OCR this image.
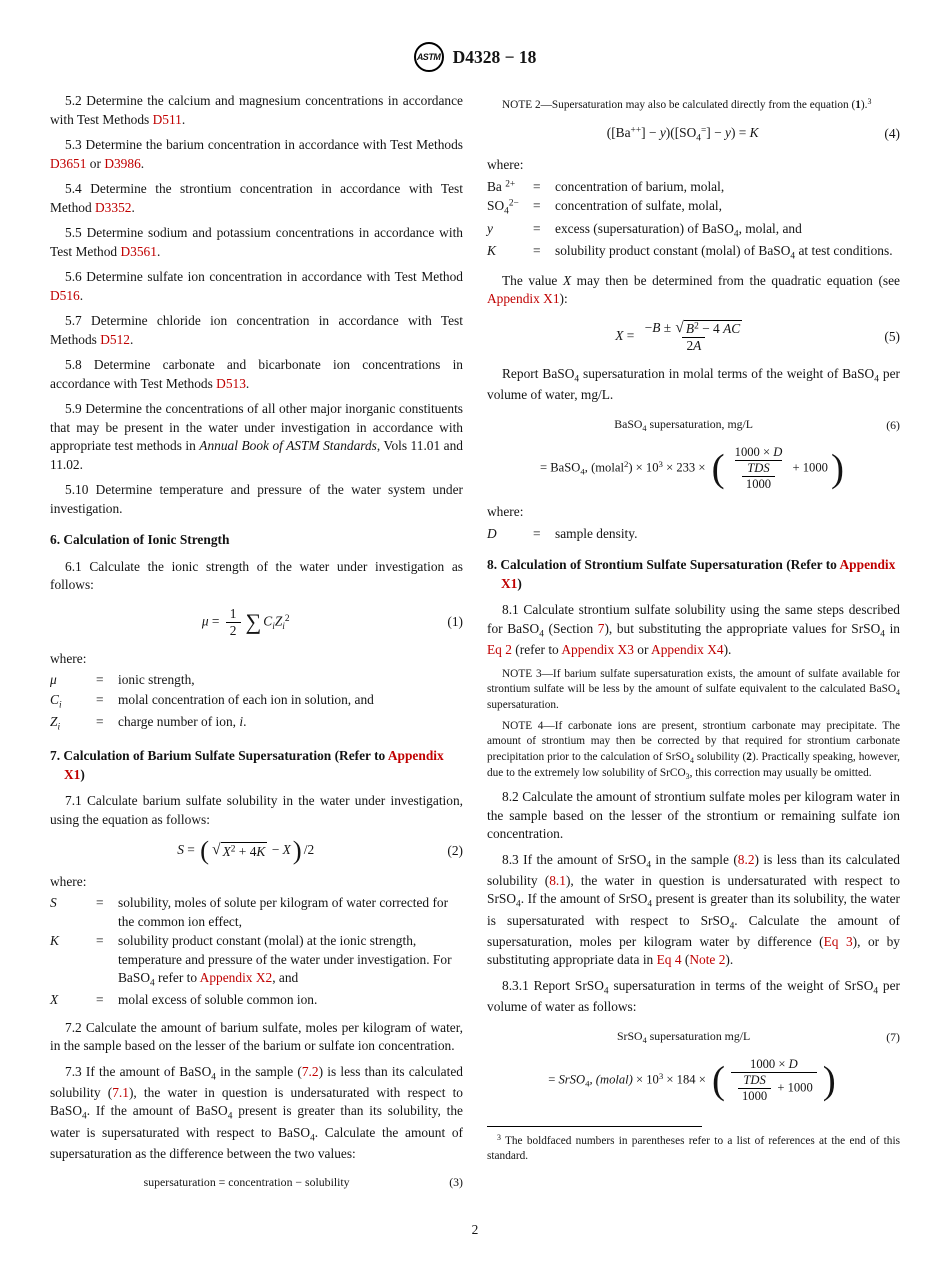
ASTM D4328 − 18

5.2 Determine the calcium and magnesium concentrations in accordance with Test Methods D511.

5.3 Determine the barium concentration in accordance with Test Methods D3651 or D3986.

5.4 Determine the strontium concentration in accordance with Test Method D3352.

5.5 Determine sodium and potassium concentrations in accordance with Test Method D3561.

5.6 Determine sulfate ion concentration in accordance with Test Method D516.

5.7 Determine chloride ion concentration in accordance with Test Methods D512.

5.8 Determine carbonate and bicarbonate ion concentrations in accordance with Test Methods D513.

5.9 Determine the concentrations of all other major inorganic constituents that may be present in the water under investigation in accordance with appropriate test methods in Annual Book of ASTM Standards, Vols 11.01 and 11.02.

5.10 Determine temperature and pressure of the water system under investigation.

6. Calculation of Ionic Strength

6.1 Calculate the ionic strength of the water under investigation as follows:

$\mu = \frac{1}{2}$ ∑ $C_iZ_i^2$	(1)

where:

μ	=	ionic strength,
$C_i$	=	molal concentration of each ion in solution, and
$Z_i$	=	charge number of ion, i.
7. Calculation of Barium Sulfate Supersaturation (Refer to Appendix X1)

7.1 Calculate barium sulfate solubility in the water under investigation, using the equation as follows:

S = ( √ $X^2 + 4K - X$) /2	(2)

where:

S	=	solubility, moles of solute per kilogram of water corrected for the common ion effect,
K	=	solubility product constant (molal) at the ionic strength, temperature and pressure of the water under investigation. For BaSO$_4$ refer to Appendix X2, and
X	=	molal excess of soluble common ion.

7.2 Calculate the amount of barium sulfate, moles per kilogram of water, in the sample based on the lesser of the barium or sulfate ion concentration.

7.3 If the amount of BaSO$_4$ in the sample (7.2) is less than its calculated solubility (7.1), the water in question is undersaturated with respect to BaSO$_4$. If the amount of BaSO$_4$ present is greater than its solubility, the water is supersaturated with respect to BaSO$_4$. Calculate the amount of supersaturation as the difference between the two values:

supersaturation = concentration − solubility	(3)

NOTE 2—Supersaturation may also be calculated directly from the equation (1).$^3$

$([Ba^{++}] - y)([SO_4^=] - y) = K$	(4)

where:

Ba $^{2+}$	=	concentration of barium, molal,
$SO_4^{2-}$	=	concentration of sulfate, molal,
y	=	excess (supersaturation) of BaSO$_4$, molal, and
K	=	solubility product constant (molal) of BaSO$_4$ at test conditions.

The value X may then be determined from the quadratic equation (see Appendix X1):

$X = \frac{-B \pm √ B^2 - 4 AC}{2A}$	(5)

Report BaSO$_4$ supersaturation in molal terms of the weight of BaSO$_4$ per volume of water, mg/L.

BaSO$_4$ supersaturation, mg/L	(6)
= BaSO$_4$, (molal$^2$) × $10^3 \times 233$ × ( $\frac{1000 \times D}{\frac{\text{TDS}}{1000}} + 1000$)

where:

D	=	sample density.
8. Calculation of Strontium Sulfate Supersaturation (Refer to Appendix X1)

8.1 Calculate strontium sulfate solubility using the same steps described for BaSO$_4$ (Section 7), but substituting the appropriate values for SrSO$_4$ in Eq 2 (refer to Appendix X3 or Appendix X4).

NOTE 3—If barium sulfate supersaturation exists, the amount of sulfate available for strontium sulfate will be less by the amount of sulfate equivalent to the calculated BaSO$_4$ supersaturation.

NOTE 4—If carbonate ions are present, strontium carbonate may precipitate. The amount of strontium may then be corrected by that required for strontium carbonate precipitation prior to the calculation of SrSO$_4$ solubility (2). Practically speaking, however, due to the extremely low solubility of SrCO$_3$, this correction may usually be omitted.

8.2 Calculate the amount of strontium sulfate moles per kilogram water in the sample based on the lesser of the strontium or remaining sulfate ion concentration.

8.3 If the amount of SrSO$_4$ in the sample (8.2) is less than its calculated solubility (8.1), the water in question is undersaturated with respect to SrSO$_4$. If the amount of SrSO$_4$ present is greater than its solubility, the water is supersaturated with respect to SrSO$_4$. Calculate the amount of supersaturation, moles per kilogram water by difference (Eq 3), or by substituting appropriate data in Eq 4 (Note 2).

8.3.1 Report SrSO$_4$ supersaturation in terms of the weight of SrSO$_4$ per volume of water as follows:

SrSO$_4$ supersaturation mg/L	(7)
= SrSO$_4$, (molal) × $10^3 \times 184$ × ( $\frac{1000 \times D}{\frac{\text{TDS}}{1000} + 1000}$ )

$^3$ The boldfaced numbers in parentheses refer to a list of references at the end of this standard.

2
